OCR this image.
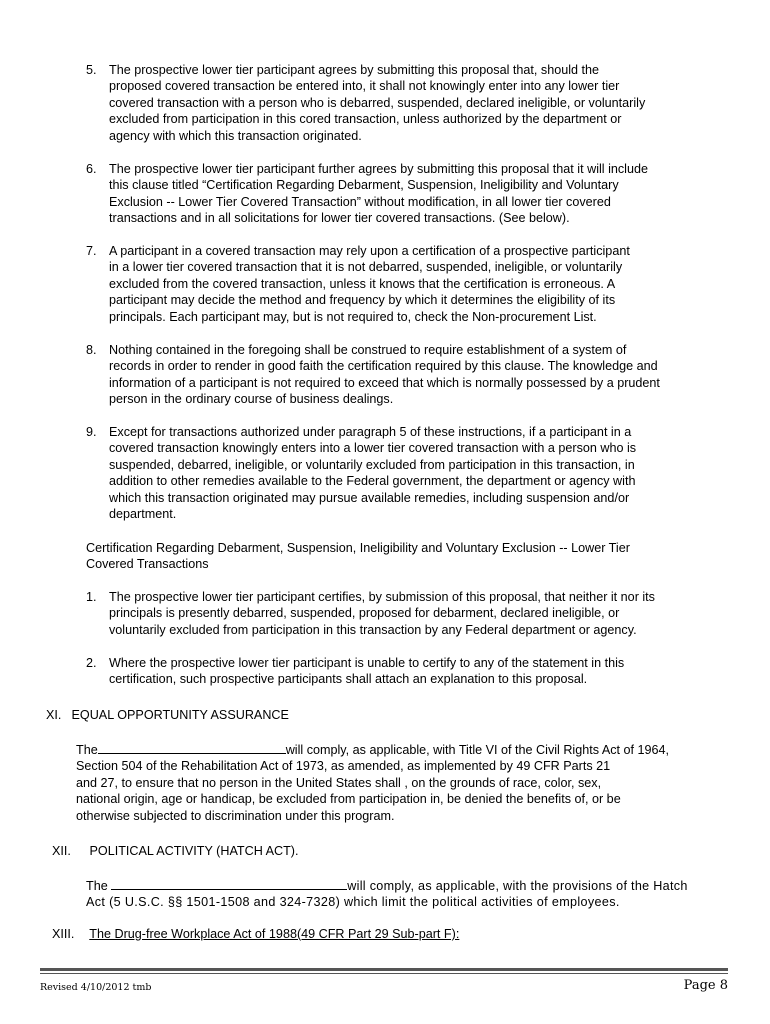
5. The prospective lower tier participant agrees by submitting this proposal that, should the
proposed covered transaction be entered into, it shall not knowingly enter into any lower tier
covered transaction with a person who is debarred, suspended, declared ineligible, or voluntarily
excluded from participation in this cored transaction, unless authorized by the department or
agency with which this transaction originated.
6. The prospective lower tier participant further agrees by submitting this proposal that it will include
this clause titled “Certification Regarding Debarment, Suspension, Ineligibility and Voluntary
Exclusion -- Lower Tier Covered Transaction” without modification, in all lower tier covered
transactions and in all solicitations for lower tier covered transactions. (See below).
7. A participant in a covered transaction may rely upon a certification of a prospective participant
in a lower tier covered transaction that it is not debarred, suspended, ineligible, or voluntarily
excluded from the covered transaction, unless it knows that the certification is erroneous. A
participant may decide the method and frequency by which it determines the eligibility of its
principals. Each participant may, but is not required to, check the Non-procurement List.
8. Nothing contained in the foregoing shall be construed to require establishment of a system of
records in order to render in good faith the certification required by this clause. The knowledge and
information of a participant is not required to exceed that which is normally possessed by a prudent
person in the ordinary course of business dealings.
9. Except for transactions authorized under paragraph 5 of these instructions, if a participant in a
covered transaction knowingly enters into a lower tier covered transaction with a person who is
suspended, debarred, ineligible, or voluntarily excluded from participation in this transaction, in
addition to other remedies available to the Federal government, the department or agency with
which this transaction originated may pursue available remedies, including suspension and/or
department.
Certification Regarding Debarment, Suspension, Ineligibility and Voluntary Exclusion -- Lower Tier
Covered Transactions
1. The prospective lower tier participant certifies, by submission of this proposal, that neither it nor its
principals is presently debarred, suspended, proposed for debarment, declared ineligible, or
voluntarily excluded from participation in this transaction by any Federal department or agency.
2. Where the prospective lower tier participant is unable to certify to any of the statement in this
certification, such prospective participants shall attach an explanation to this proposal.
XI. EQUAL OPPORTUNITY ASSURANCE
The	will comply, as applicable, with Title VI of the Civil Rights Act of 1964,
Section 504 of the Rehabilitation Act of 1973, as amended, as implemented by 49 CFR Parts 21
and 27, to ensure that no person in the United States shall , on the grounds of race, color, sex,
national origin, age or handicap, be excluded from participation in, be denied the benefits of, or be
otherwise subjected to discrimination under this program.
XII. POLITICAL ACTIVITY (HATCH ACT).
The	will comply, as applicable, with the provisions of the Hatch
Act (5 U.S.C. §§ 1501-1508 and 324-7328) which limit the political activities of employees.
XIII. The Drug-free Workplace Act of 1988(49 CFR Part 29 Sub-part F):
Revised 4/10/2012 tmb	Page 8
